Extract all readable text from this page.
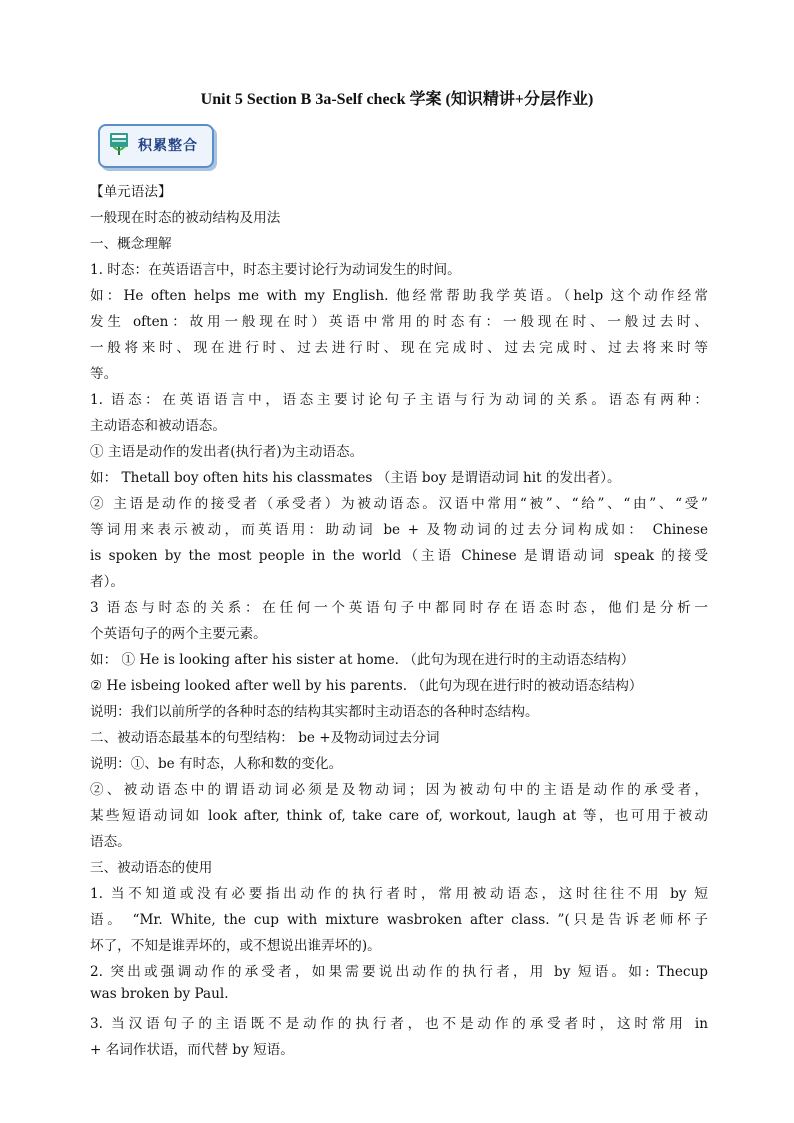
Unit 5 Section B 3a-Self check 学案 (知识精讲+分层作业)
积累整合
【单元语法】
一般现在时态的被动结构及用法
一、概念理解
1. 时态：在英语语言中，时态主要讨论行为动词发生的时间。
如：He often helps me with my English. 他经常帮助我学英语。（help 这个动作经常
发生 often：故用一般现在时）英语中常用的时态有：一般现在时、一般过去时、
一般将来时、现在进行时、过去进行时、现在完成时、过去完成时、过去将来时等
等。
1. 语态：在英语语言中，语态主要讨论句子主语与行为动词的关系。语态有两种：
主动语态和被动语态。
① 主语是动作的发出者(执行者)为主动语态。
如： Thetall boy often hits his classmates （主语 boy 是谓语动词 hit 的发出者）。
② 主语是动作的接受者（承受者）为被动语态。汉语中常用“被”、“给”、“由”、“受”
等词用来表示被动，而英语用：助动词 be + 及物动词的过去分词构成如： Chinese
is spoken by the most people in the world（主语 Chinese 是谓语动词 speak 的接受
者）。
3 语态与时态的关系：在任何一个英语句子中都同时存在语态时态，他们是分析一
个英语句子的两个主要元素。
如： ① He is looking after his sister at home. （此句为现在进行时的主动语态结构）
② He isbeing looked after well by his parents. （此句为现在进行时的被动语态结构）
说明：我们以前所学的各种时态的结构其实都时主动语态的各种时态结构。
二、被动语态最基本的句型结构： be +及物动词过去分词
说明：①、be 有时态，人称和数的变化。
②、被动语态中的谓语动词必须是及物动词；因为被动句中的主语是动作的承受者，
某些短语动词如 look after, think of, take care of, workout, laugh at 等，也可用于被动
语态。
三、被动语态的使用
1. 当不知道或没有必要指出动作的执行者时，常用被动语态，这时往往不用 by 短
语。 “Mr. White, the cup with mixture wasbroken after class. ”(只是告诉老师杯子
坏了，不知是谁弄坏的，或不想说出谁弄坏的)。
2. 突出或强调动作的承受者，如果需要说出动作的执行者，用 by 短语。如: Thecup
was broken by Paul.
3. 当汉语句子的主语既不是动作的执行者，也不是动作的承受者时，这时常用 in
+ 名词作状语，而代替 by 短语。
